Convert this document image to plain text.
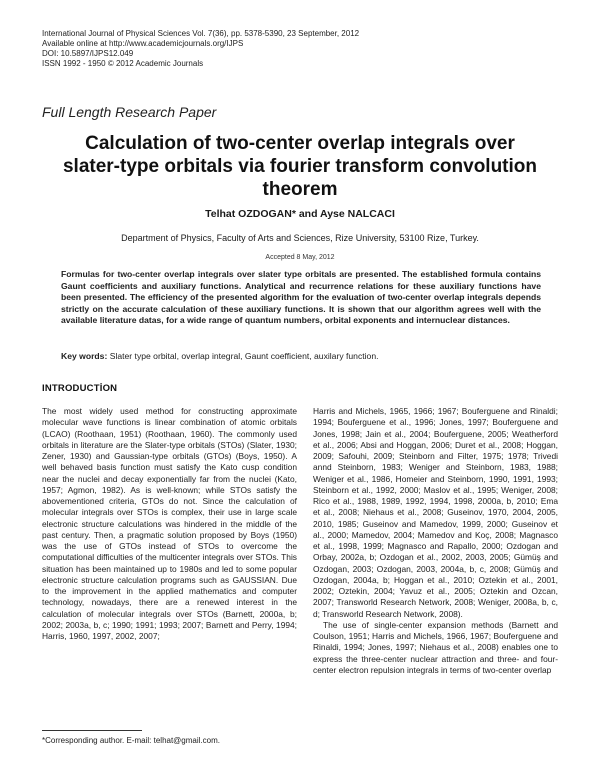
International Journal of Physical Sciences Vol. 7(36), pp. 5378-5390, 23 September, 2012
Available online at http://www.academicjournals.org/IJPS
DOI: 10.5897/IJPS12.049
ISSN 1992 - 1950 © 2012 Academic Journals
Full Length Research Paper
Calculation of two-center overlap integrals over slater-type orbitals via fourier transform convolution theorem
Telhat OZDOGAN* and Ayse NALCACI
Department of Physics, Faculty of Arts and Sciences, Rize University, 53100 Rize, Turkey.
Accepted 8 May, 2012
Formulas for two-center overlap integrals over slater type orbitals are presented. The established formula contains Gaunt coefficients and auxiliary functions. Analytical and recurrence relations for these auxiliary functions have been presented. The efficiency of the presented algorithm for the evaluation of two-center overlap integrals depends strictly on the accurate calculation of these auxiliary functions. It is shown that our algorithm agrees well with the available literature datas, for a wide range of quantum numbers, orbital exponents and internuclear distances.
Key words: Slater type orbital, overlap integral, Gaunt coefficient, auxilary function.
INTRODUCTİON
The most widely used method for constructing approximate molecular wave functions is linear combination of atomic orbitals (LCAO) (Roothaan, 1951) (Roothaan, 1960). The commonly used orbitals in literature are the Slater-type orbitals (STOs) (Slater, 1930; Zener, 1930) and Gaussian-type orbitals (GTOs) (Boys, 1950). A well behaved basis function must satisfy the Kato cusp condition near the nuclei and decay exponentially far from the nuclei (Kato, 1957; Agmon, 1982). As is well-known; while STOs satisfy the abovementioned criteria, GTOs do not. Since the calculation of molecular integrals over STOs is complex, their use in large scale electronic structure calculations was hindered in the middle of the past century. Then, a pragmatic solution proposed by Boys (1950) was the use of GTOs instead of STOs to overcome the computational difficulties of the multicenter integrals over STOs. This situation has been maintained up to 1980s and led to some popular electronic structure calculation programs such as GAUSSIAN. Due to the improvement in the applied mathematics and computer technology, nowadays, there are a renewed interest in the calculation of molecular integrals over STOs (Barnett, 2000a, b; 2002; 2003a, b, c; 1990; 1991; 1993; 2007; Barnett and Perry, 1994; Harris, 1960, 1997, 2002, 2007;
Harris and Michels, 1965, 1966; 1967; Bouferguene and Rinaldi; 1994; Bouferguene et al., 1996; Jones, 1997; Bouferguene and Jones, 1998; Jain et al., 2004; Bouferguene, 2005; Weatherford et al., 2006; Absi and Hoggan, 2006; Duret et al., 2008; Hoggan, 2009; Safouhi, 2009; Steinborn and Filter, 1975; 1978; Trivedi annd Steinborn, 1983; Weniger and Steinborn, 1983, 1988; Weniger et al., 1986, Homeier and Steinborn, 1990, 1991, 1993; Steinborn et al., 1992, 2000; Maslov et al., 1995; Weniger, 2008; Rico et al., 1988, 1989, 1992, 1994, 1998, 2000a, b, 2010; Ema et al., 2008; Niehaus et al., 2008; Guseinov, 1970, 2004, 2005, 2010, 1985; Guseinov and Mamedov, 1999, 2000; Guseinov et al., 2000; Mamedov, 2004; Mamedov and Koç, 2008; Magnasco et al., 1998, 1999; Magnasco and Rapallo, 2000; Ozdogan and Orbay, 2002a, b; Ozdogan et al., 2002, 2003, 2005; Gümüş and Ozdogan, 2003; Ozdogan, 2003, 2004a, b, c, 2008; Gümüş and Ozdogan, 2004a, b; Hoggan et al., 2010; Oztekin et al., 2001, 2002; Oztekin, 2004; Yavuz et al., 2005; Oztekin and Ozcan, 2007; Transworld Research Network, 2008; Weniger, 2008a, b, c, d; Transworld Research Network, 2008).
The use of single-center expansion methods (Barnett and Coulson, 1951; Harris and Michels, 1966, 1967; Bouferguene and Rinaldi, 1994; Jones, 1997; Niehaus et al., 2008) enables one to express the three-center nuclear attraction and three- and four-center electron repulsion integrals in terms of two-center overlap
*Corresponding author. E-mail: telhat@gmail.com.
